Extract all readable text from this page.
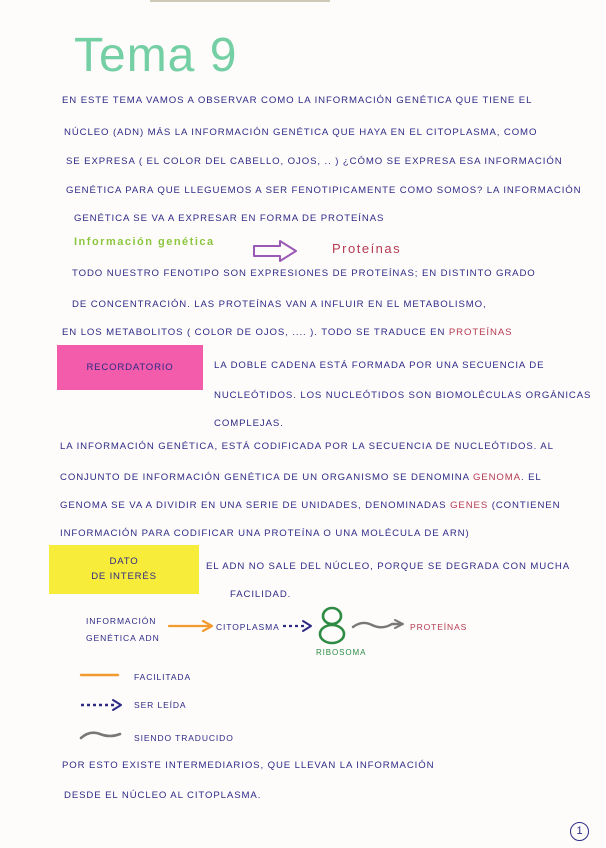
Tema 9
EN ESTE TEMA VAMOS A OBSERVAR COMO LA INFORMACIÓN GENÉTICA QUE TIENE EL
NÚCLEO (ADN) MÁS LA INFORMACIÓN GENÉTICA QUE HAYA EN EL CITOPLASMA, COMO
SE EXPRESA ( EL COLOR DEL CABELLO, OJOS, .. ) ¿CÓMO SE EXPRESA ESA INFORMACIÓN
GENÉTICA PARA QUE LLEGUEMOS A SER FENOTIPICAMENTE COMO SOMOS? LA INFORMACIÓN
GENÉTICA SE VA A EXPRESAR EN FORMA DE PROTEÍNAS
Información genética	Proteínas
TODO NUESTRO FENOTIPO SON EXPRESIONES DE PROTEÍNAS; EN DISTINTO GRADO
DE CONCENTRACIÓN. LAS PROTEÍNAS VAN A INFLUIR EN EL METABOLISMO,
EN LOS METABOLITOS ( COLOR DE OJOS, .... ). TODO SE TRADUCE EN PROTEÍNAS
RECORDATORIO	LA DOBLE CADENA ESTÁ FORMADA POR UNA SECUENCIA DE
NUCLEÓTIDOS. LOS NUCLEÓTIDOS SON BIOMOLÉCULAS ORGÁNICAS
COMPLEJAS.
LA INFORMACIÓN GENÉTICA, ESTÁ CODIFICADA POR LA SECUENCIA DE NUCLEÓTIDOS. AL
CONJUNTO DE INFORMACIÓN GENÉTICA DE UN ORGANISMO SE DENOMINA GENOMA. EL
GENOMA SE VA A DIVIDIR EN UNA SERIE DE UNIDADES, DENOMINADAS GENES (CONTIENEN
INFORMACIÓN PARA CODIFICAR UNA PROTEÍNA O UNA MOLÉCULA DE ARN)
DATO
DE INTERÉS
EL ADN NO SALE DEL NÚCLEO, PORQUE SE DEGRADA CON MUCHA
FACILIDAD.
INFORMACIÓN
GENÉTICA ADN
CITOPLASMA
RIBOSOMA
PROTEÍNAS
FACILITADA
SER LEÍDA
SIENDO TRADUCIDO
POR ESTO EXISTE INTERMEDIARIOS, QUE LLEVAN LA INFORMACIÓN
DESDE EL NÚCLEO AL CITOPLASMA.
1
